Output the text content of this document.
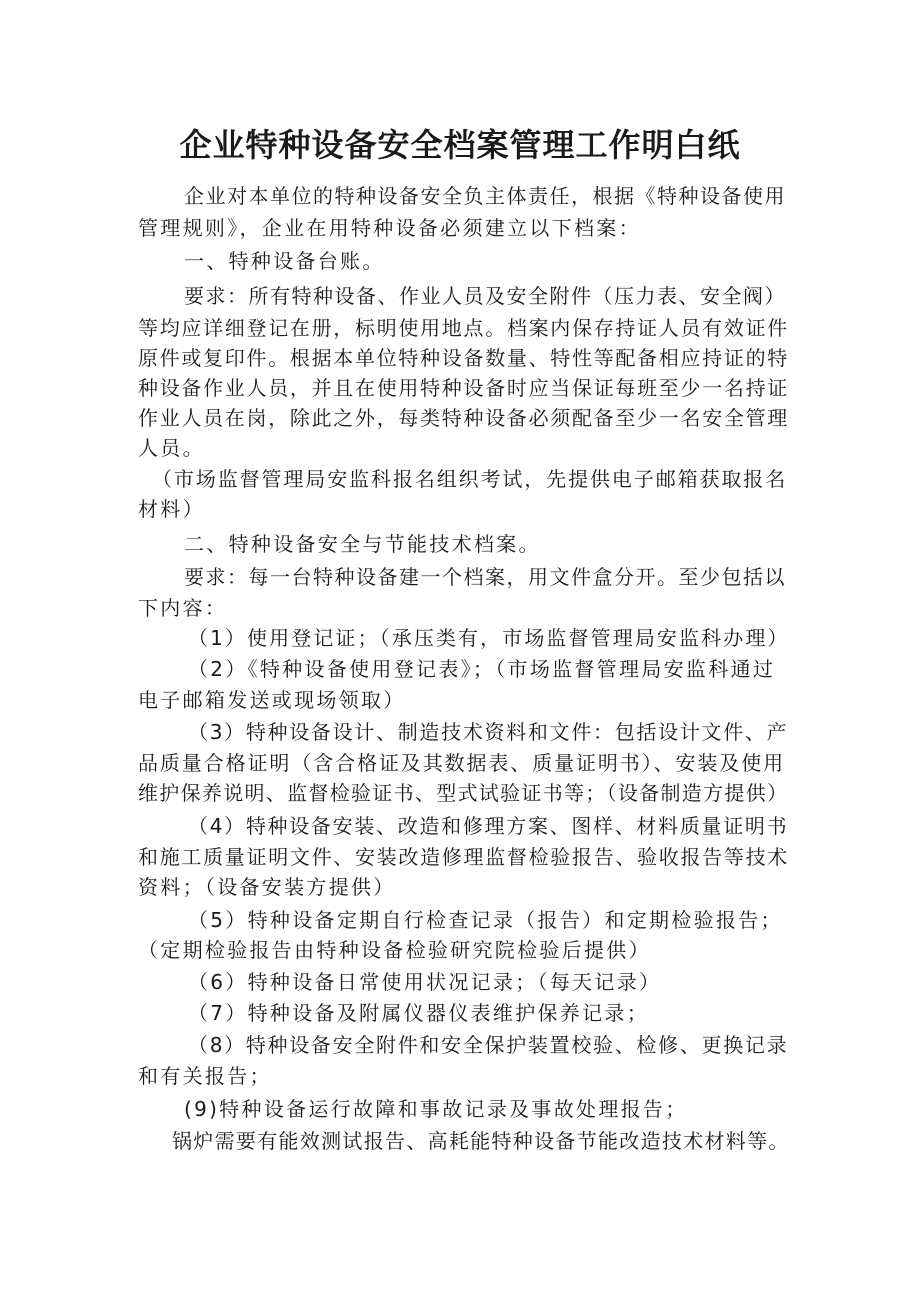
企业特种设备安全档案管理工作明白纸
企业对本单位的特种设备安全负主体责任，根据《特种设备使用
管理规则》，企业在用特种设备必须建立以下档案：
一、特种设备台账。
要求：所有特种设备、作业人员及安全附件（压力表、安全阀）
等均应详细登记在册，标明使用地点。档案内保存持证人员有效证件
原件或复印件。根据本单位特种设备数量、特性等配备相应持证的特
种设备作业人员，并且在使用特种设备时应当保证每班至少一名持证
作业人员在岗，除此之外，每类特种设备必须配备至少一名安全管理
人员。
（市场监督管理局安监科报名组织考试，先提供电子邮箱获取报名
材料）
二、特种设备安全与节能技术档案。
要求：每一台特种设备建一个档案，用文件盒分开。至少包括以
下内容：
（1）使用登记证；（承压类有，市场监督管理局安监科办理）
（2）《特种设备使用登记表》；（市场监督管理局安监科通过
电子邮箱发送或现场领取）
（3）特种设备设计、制造技术资料和文件：包括设计文件、产
品质量合格证明（含合格证及其数据表、质量证明书）、安装及使用
维护保养说明、监督检验证书、型式试验证书等；（设备制造方提供）
（4）特种设备安装、改造和修理方案、图样、材料质量证明书
和施工质量证明文件、安装改造修理监督检验报告、验收报告等技术
资料；（设备安装方提供）
（5）特种设备定期自行检查记录（报告）和定期检验报告；
（定期检验报告由特种设备检验研究院检验后提供）
（6）特种设备日常使用状况记录；（每天记录）
（7）特种设备及附属仪器仪表维护保养记录；
（8）特种设备安全附件和安全保护装置校验、检修、更换记录
和有关报告；
(9)特种设备运行故障和事故记录及事故处理报告；
锅炉需要有能效测试报告、高耗能特种设备节能改造技术材料等。
